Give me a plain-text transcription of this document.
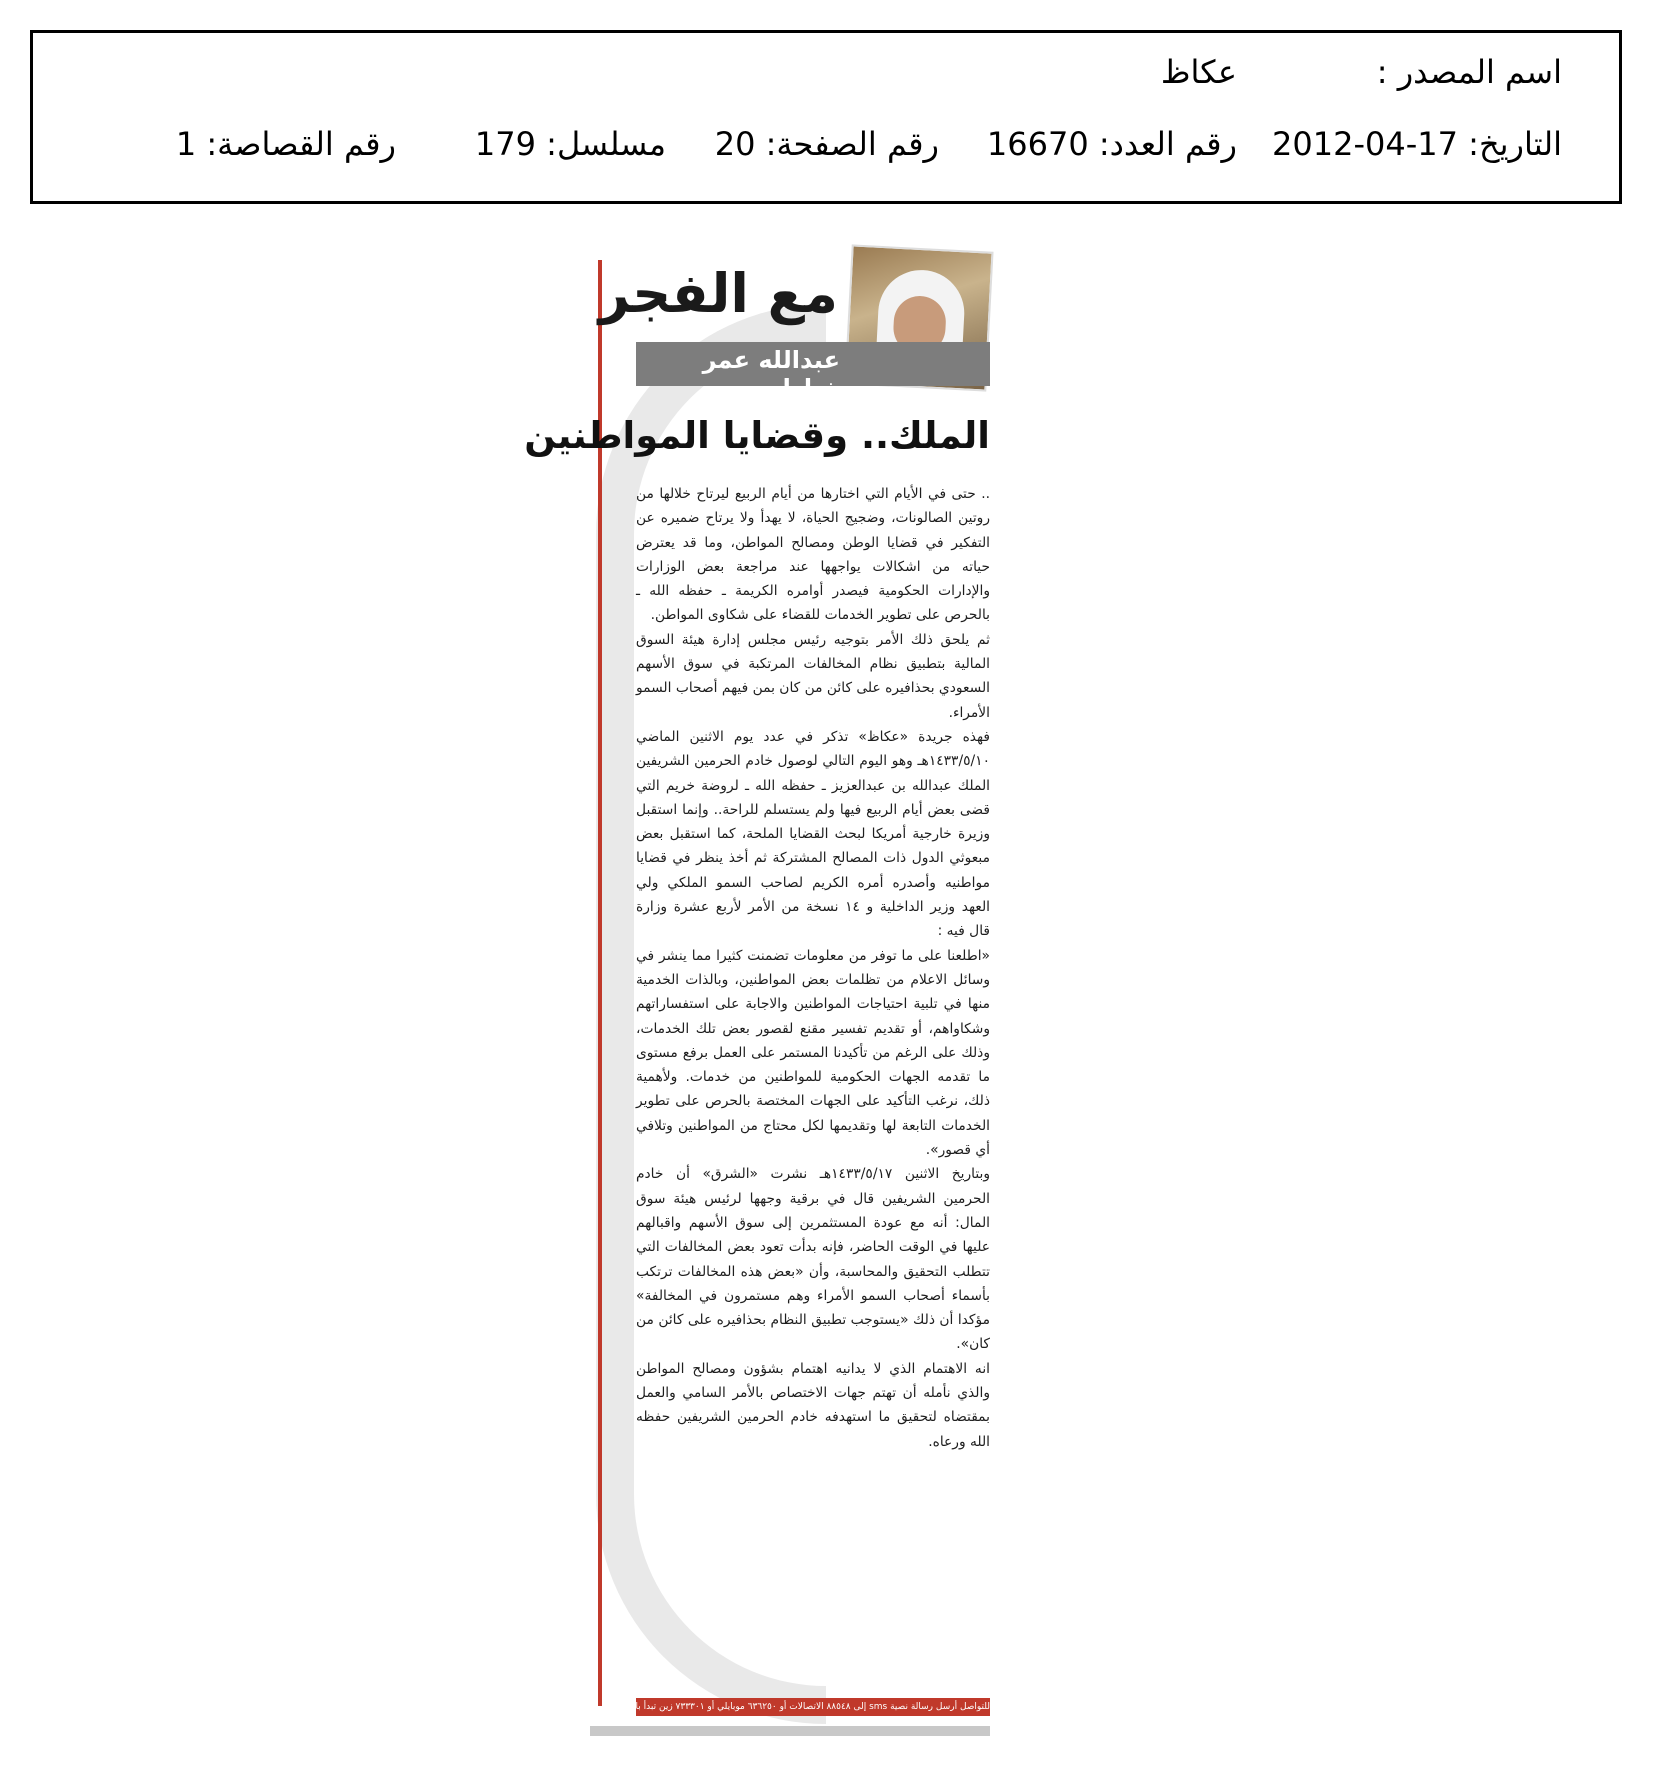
اسم المصدر :
عكاظ
التاريخ: 17-04-2012
رقم العدد: 16670
رقم الصفحة: 20
مسلسل: 179
رقم القصاصة: 1
مع الفجر
عبدالله عمر خياط
الملك.. وقضايا المواطنين

.. حتى في الأيام التي اختارها من أيام الربيع ليرتاح خلالها من روتين الصالونات، وضجيج الحياة، لا يهدأ ولا يرتاح ضميره عن التفكير في قضايا الوطن ومصالح المواطن، وما قد يعترض حياته من اشكالات يواجهها عند مراجعة بعض الوزارات والإدارات الحكومية فيصدر أوامره الكريمة ـ حفظه الله ـ بالحرص على تطوير الخدمات للقضاء على شكاوى المواطن.

ثم يلحق ذلك الأمر بتوجيه رئيس مجلس إدارة هيئة السوق المالية بتطبيق نظام المخالفات المرتكبة في سوق الأسهم السعودي بحذافيره على كائن من كان بمن فيهم أصحاب السمو الأمراء.

فهذه جريدة «عكاظ» تذكر في عدد يوم الاثنين الماضي ١٤٣٣/٥/١٠هـ وهو اليوم التالي لوصول خادم الحرمين الشريفين الملك عبدالله بن عبدالعزيز ـ حفظه الله ـ لروضة خريم التي قضى بعض أيام الربيع فيها ولم يستسلم للراحة.. وإنما استقبل وزيرة خارجية أمريكا لبحث القضايا الملحة، كما استقبل بعض مبعوثي الدول ذات المصالح المشتركة ثم أخذ ينظر في قضايا مواطنيه وأصدره أمره الكريم لصاحب السمو الملكي ولي العهد وزير الداخلية و ١٤ نسخة من الأمر لأربع عشرة وزارة قال فيه :

«اطلعنا على ما توفر من معلومات تضمنت كثيرا مما ينشر في وسائل الاعلام من تظلمات بعض المواطنين، وبالذات الخدمية منها في تلبية احتياجات المواطنين والاجابة على استفساراتهم وشكاواهم، أو تقديم تفسير مقنع لقصور بعض تلك الخدمات، وذلك على الرغم من تأكيدنا المستمر على العمل برفع مستوى ما تقدمه الجهات الحكومية للمواطنين من خدمات. ولأهمية ذلك، نرغب التأكيد على الجهات المختصة بالحرص على تطوير الخدمات التابعة لها وتقديمها لكل محتاج من المواطنين وتلافي أي قصور».

وبتاريخ الاثنين ١٤٣٣/٥/١٧هـ نشرت «الشرق» أن خادم الحرمين الشريفين قال في برقية وجهها لرئيس هيئة سوق المال: أنه مع عودة المستثمرين إلى سوق الأسهم واقبالهم عليها في الوقت الحاضر، فإنه بدأت تعود بعض المخالفات التي تتطلب التحقيق والمحاسبة، وأن «بعض هذه المخالفات ترتكب بأسماء أصحاب السمو الأمراء وهم مستمرون في المخالفة» مؤكدا أن ذلك «يستوجب تطبيق النظام بحذافيره على كائن من كان».

انه الاهتمام الذي لا يدانيه اهتمام بشؤون ومصالح المواطن والذي نأمله أن تهتم جهات الاختصاص بالأمر السامي والعمل بمقتضاه لتحقيق ما استهدفه خادم الحرمين الشريفين حفظه الله ورعاه.

للتواصل أرسل رسالة نصية sms إلى ٨٨٥٤٨ الاتصالات أو ٦٣٦٢٥٠ موبايلي أو ٧٣٣٣٠١ زين تبدأ بالرمز ١٥٩ مسافة ثم الرسالة
